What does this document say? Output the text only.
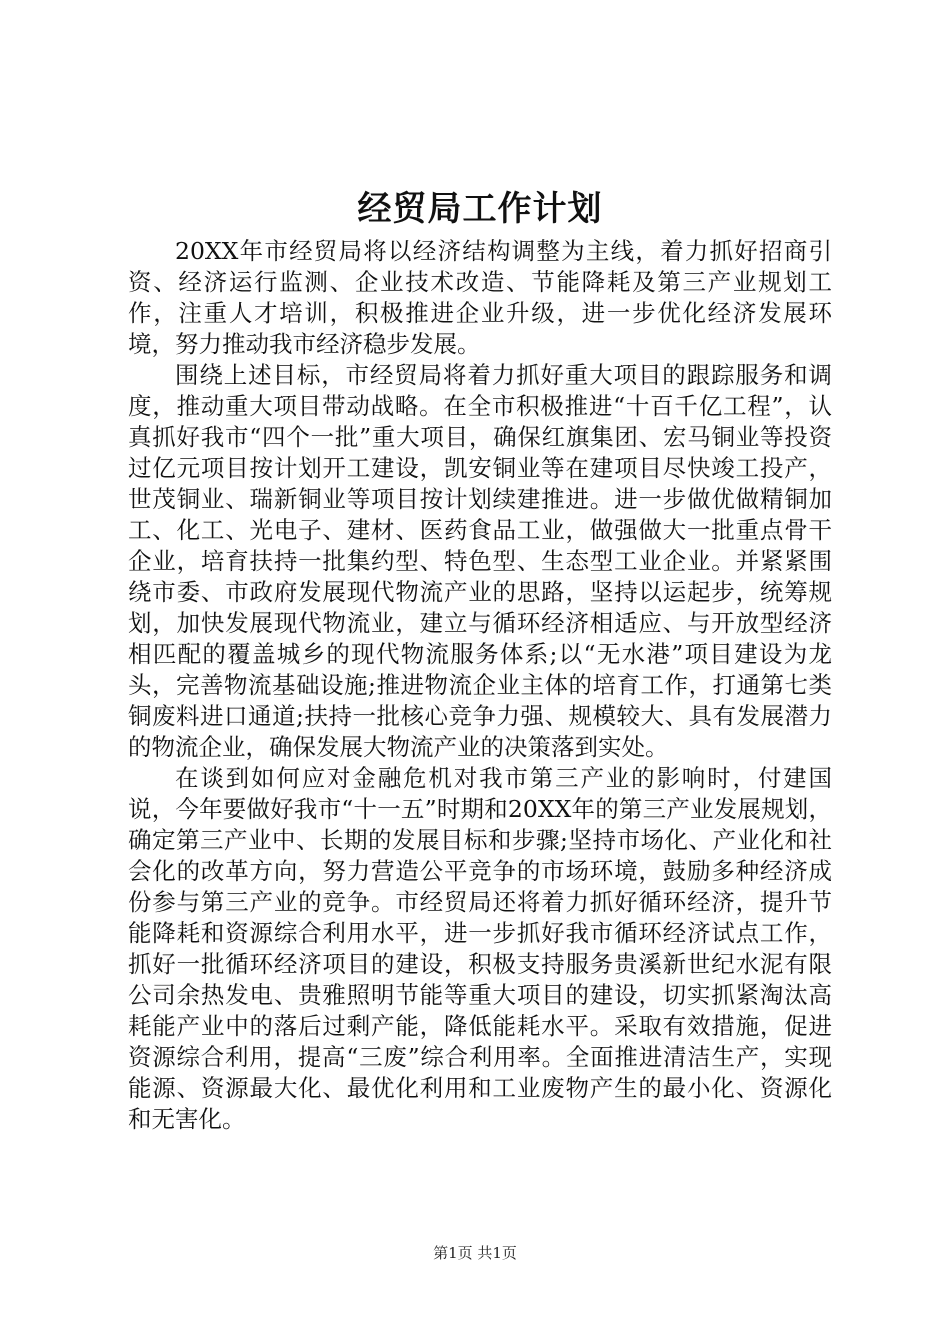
经贸局工作计划

20XX年市经贸局将以经济结构调整为主线，着力抓好招商引资、经济运行监测、企业技术改造、节能降耗及第三产业规划工作，注重人才培训，积极推进企业升级，进一步优化经济发展环境，努力推动我市经济稳步发展。

围绕上述目标，市经贸局将着力抓好重大项目的跟踪服务和调度，推动重大项目带动战略。在全市积极推进“十百千亿工程”，认真抓好我市“四个一批”重大项目，确保红旗集团、宏马铜业等投资过亿元项目按计划开工建设，凯安铜业等在建项目尽快竣工投产，世茂铜业、瑞新铜业等项目按计划续建推进。进一步做优做精铜加工、化工、光电子、建材、医药食品工业，做强做大一批重点骨干企业，培育扶持一批集约型、特色型、生态型工业企业。并紧紧围绕市委、市政府发展现代物流产业的思路，坚持以运起步，统筹规划，加快发展现代物流业，建立与循环经济相适应、与开放型经济相匹配的覆盖城乡的现代物流服务体系;以“无水港”项目建设为龙头，完善物流基础设施;推进物流企业主体的培育工作，打通第七类铜废料进口通道;扶持一批核心竞争力强、规模较大、具有发展潜力的物流企业，确保发展大物流产业的决策落到实处。

在谈到如何应对金融危机对我市第三产业的影响时，付建国说，今年要做好我市“十一五”时期和20XX年的第三产业发展规划，确定第三产业中、长期的发展目标和步骤;坚持市场化、产业化和社会化的改革方向，努力营造公平竞争的市场环境，鼓励多种经济成份参与第三产业的竞争。市经贸局还将着力抓好循环经济，提升节能降耗和资源综合利用水平，进一步抓好我市循环经济试点工作，抓好一批循环经济项目的建设，积极支持服务贵溪新世纪水泥有限公司余热发电、贵雅照明节能等重大项目的建设，切实抓紧淘汰高耗能产业中的落后过剩产能，降低能耗水平。采取有效措施，促进资源综合利用，提高“三废”综合利用率。全面推进清洁生产，实现能源、资源最大化、最优化利用和工业废物产生的最小化、资源化和无害化。

第1页 共1页
